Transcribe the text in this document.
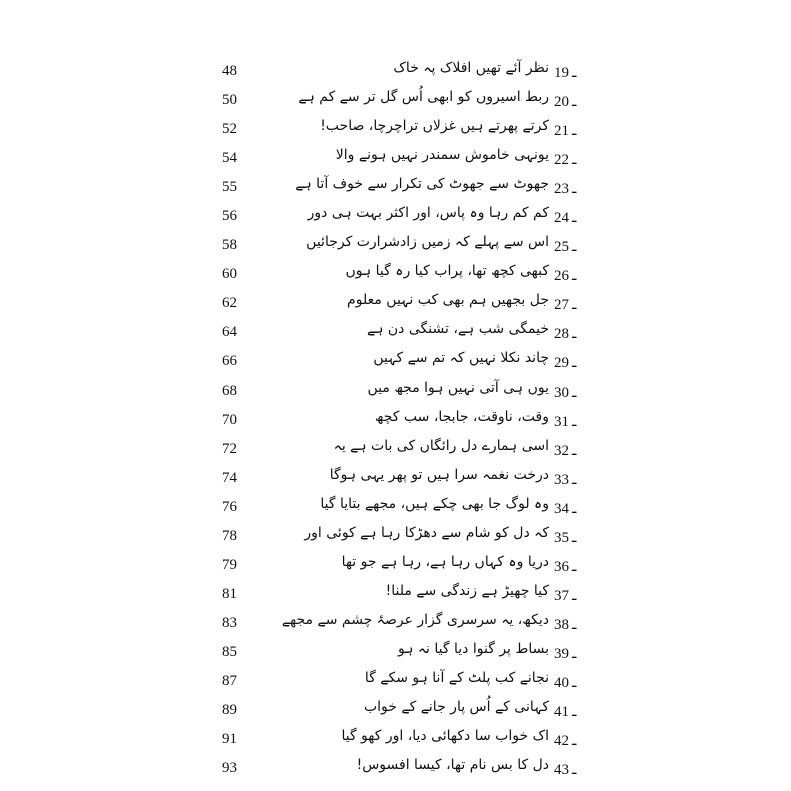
48	نظر آئے تھیں افلاک پہ خاک 19 ـ
50	ربط اسیروں کو ابھی اُس گل تر سے کم ہے 20 ـ
52	کرتے پھرتے ہیں غزلاں تراچرچا، صاحب! 21 ـ
54	یونہی خاموش سمندر نہیں ہونے والا 22 ـ
55	جھوٹ سے جھوٹ کی تکرار سے خوف آتا ہے 23 ـ
56	کم کم رہا وہ پاس، اور اکثر بہت ہی دور 24 ـ
58	اس سے پہلے کہ زمیں زادشرارت کرجائیں 25 ـ
60	کبھی کچھ تھا، پراب کیا رہ گیا ہوں 26 ـ
62	جل بجھیں ہم بھی کب نہیں معلوم 27 ـ
64	خیمگی شب ہے، تشنگی دن ہے 28 ـ
66	چاند نکلا نہیں کہ تم سے کہیں 29 ـ
68	یوں ہی آتی نہیں ہوا مجھ میں 30 ـ
70	وقت، ناوقت، جابجا، سب کچھ 31 ـ
72	اسی ہمارے دل رائگاں کی بات ہے یہ 32 ـ
74	درخت نغمہ سرا ہیں تو پھر یہی ہوگا 33 ـ
76	وہ لوگ جا بھی چکے ہیں، مجھے بتایا گیا 34 ـ
78	کہ دل کو شام سے دھڑکا رہا ہے کوئی اور 35 ـ
79	دریا وہ کہاں رہا ہے، رہا ہے جو تھا 36 ـ
81	کیا چھیڑ ہے زندگی سے ملنا! 37 ـ
83	دیکھ، یہ سرسری گزار عرصۂ چشم سے مجھے 38 ـ
85	بساط پر گنوا دیا گیا نہ ہو 39 ـ
87	نجانے کب پلٹ کے آنا ہو سکے گا 40 ـ
89	کہانی کے اُس پار جانے کے خواب 41 ـ
91	اک خواب سا دکھائی دیا، اور کھو گیا 42 ـ
93	دل کا بس نام تھا، کیسا افسوس! 43 ـ
